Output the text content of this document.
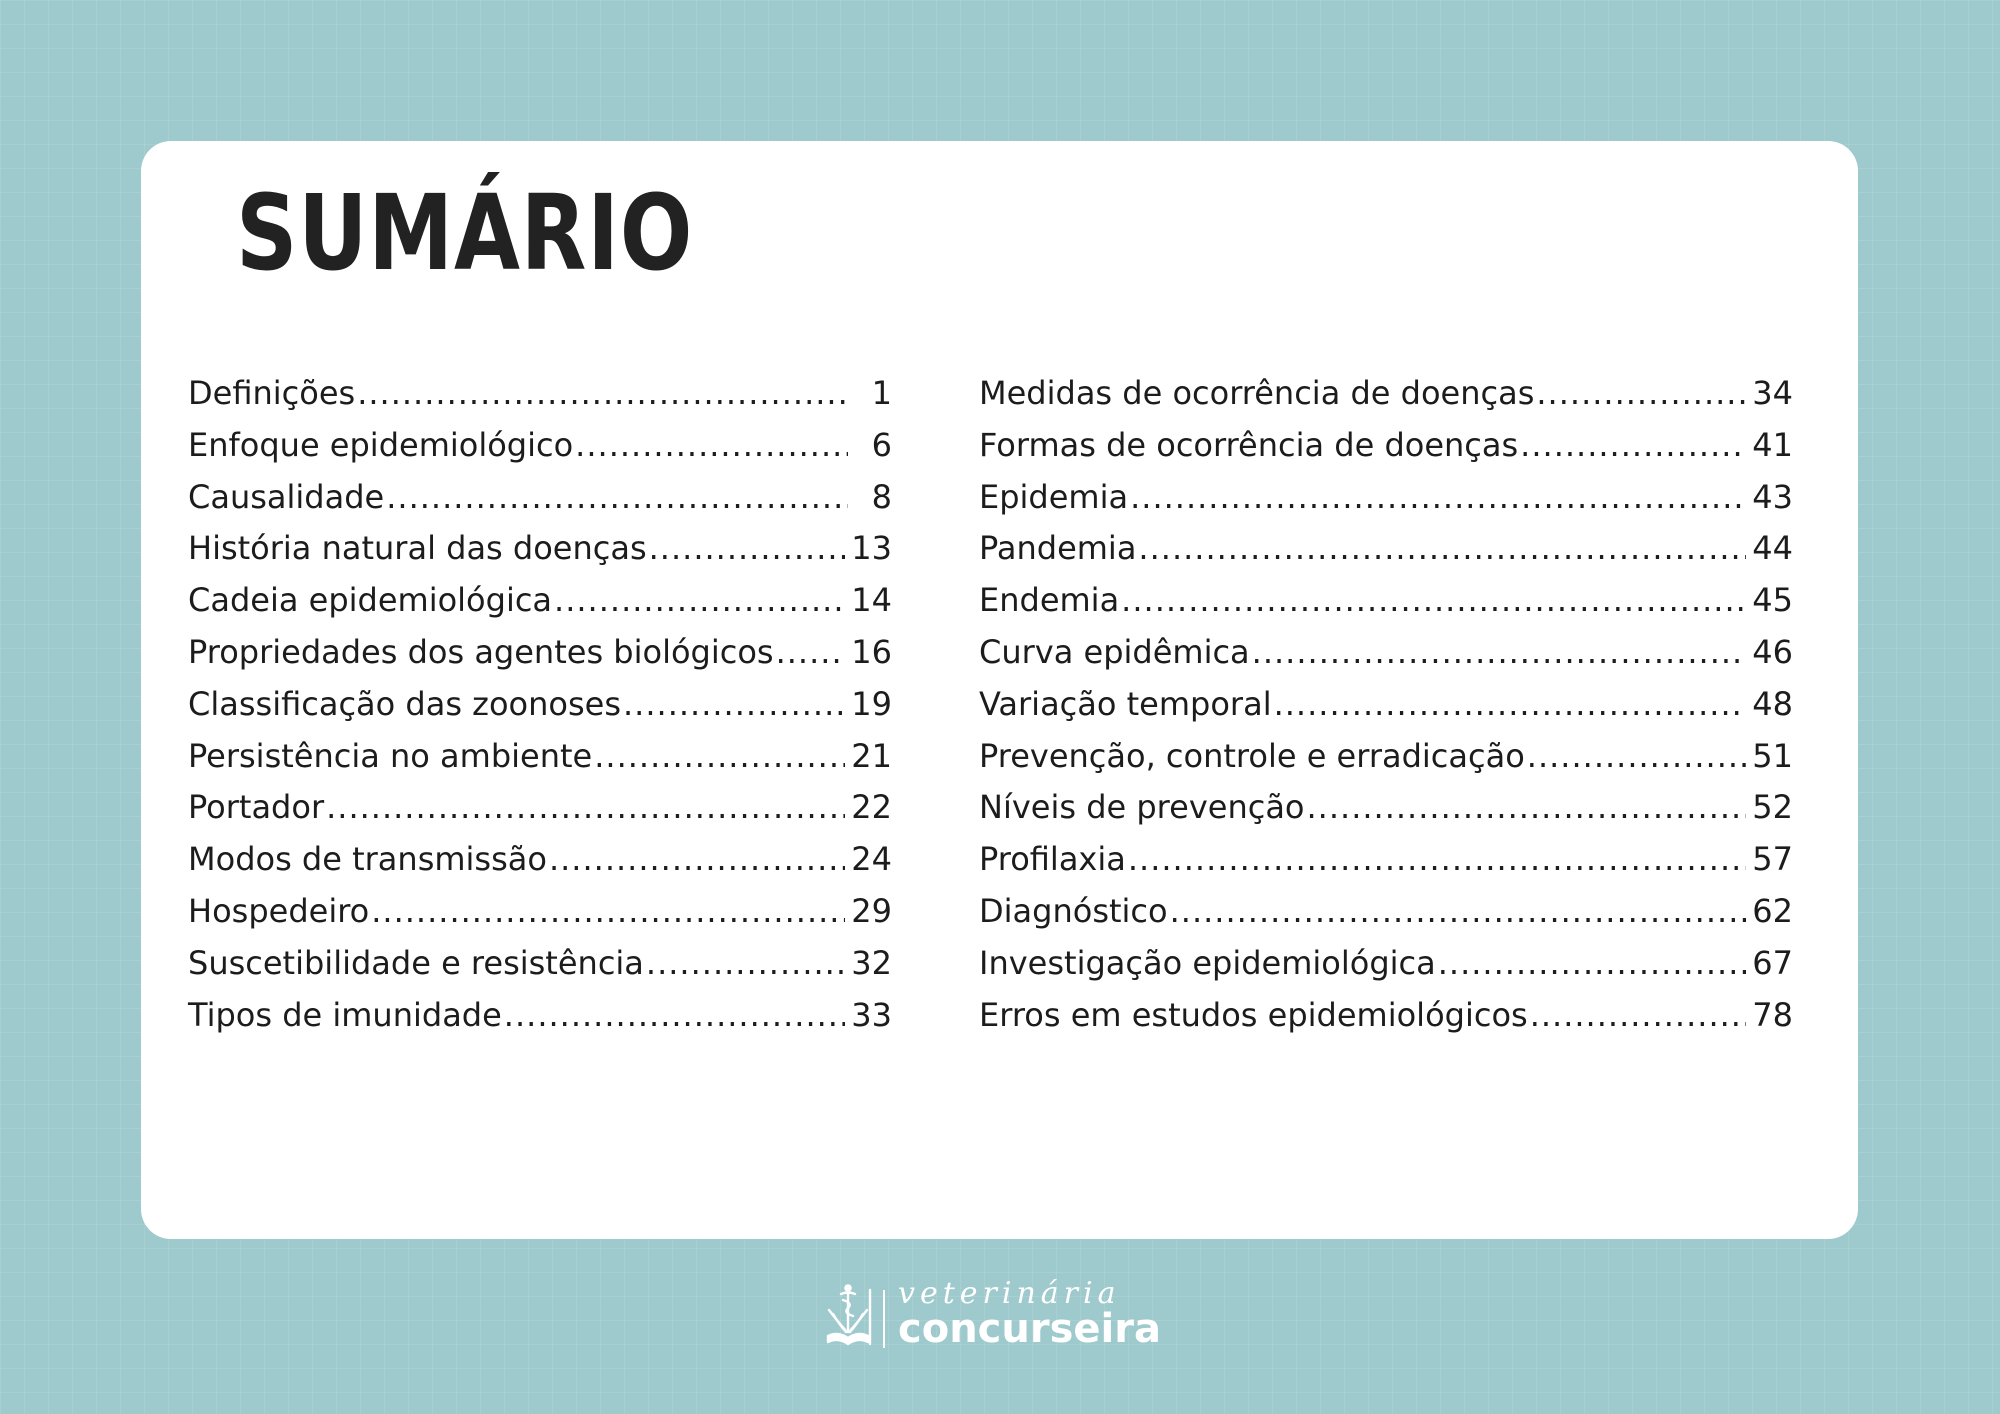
SUMÁRIO
Definições .....	1
Enfoque epidemiológico .....	6
Causalidade .....	8
História natural das doenças .....	13
Cadeia epidemiológica .....	14
Propriedades dos agentes biológicos ..... 16
Classificação das zoonoses .....	19
Persistência no ambiente .....	21
Portador .....	22
Modos de transmissão .....	24
Hospedeiro .....	29
Suscetibilidade e resistência .....	32
Tipos de imunidade .....	33
Medidas de ocorrência de doenças .....	34
Formas de ocorrência de doenças .....	41
Epidemia .....	43
Pandemia .....	44
Endemia .....	45
Curva epidêmica .....	46
Variação temporal .....	48
Prevenção, controle e erradicação .....	51
Níveis de prevenção .....	52
Profilaxia .....	57
Diagnóstico .....	62
Investigação epidemiológica .....	67
Erros em estudos epidemiológicos .....	78
veterinária
concurseira
